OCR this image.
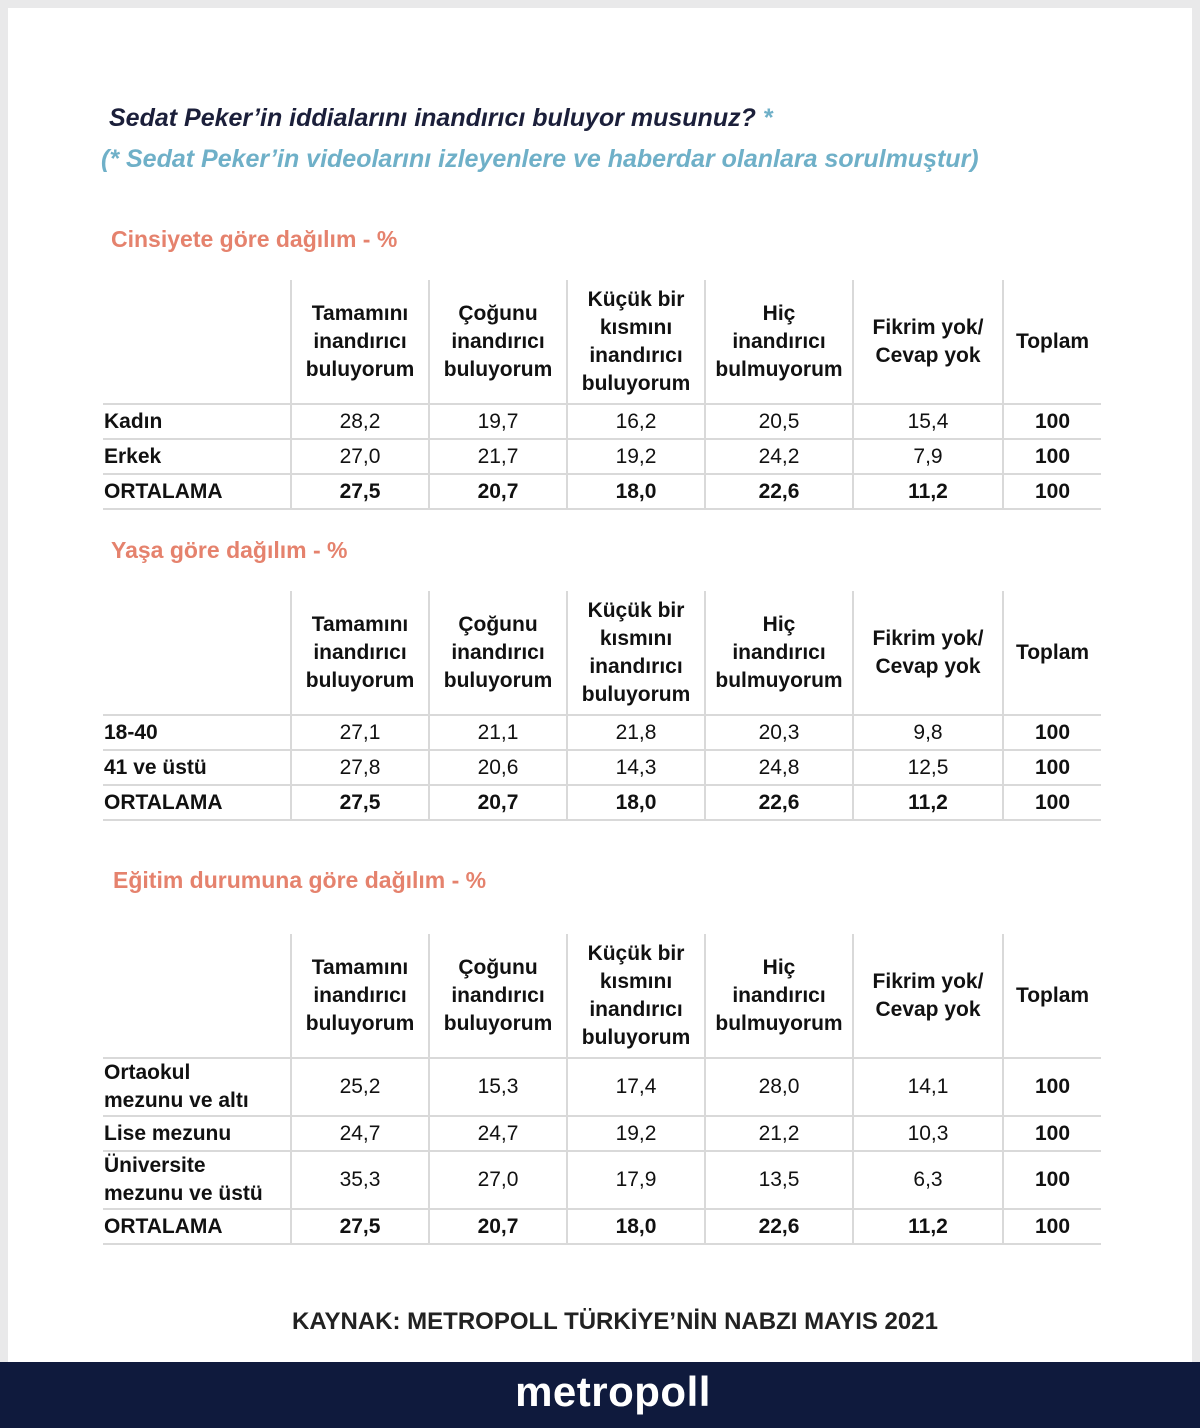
Sedat Peker’in iddialarını inandırıcı buluyor musunuz? *
(* Sedat Peker’in videolarını izleyenlere ve haberdar olanlara sorulmuştur)
Cinsiyete göre dağılım - %
	Tamamını
inandırıcı
buluyorum	Çoğunu
inandırıcı
buluyorum	Küçük bir
kısmını
inandırıcı
buluyorum	Hiç
inandırıcı
bulmuyorum	Fikrim yok/
Cevap yok	Toplam
Kadın	28,2	19,7	16,2	20,5	15,4	100
Erkek	27,0	21,7	19,2	24,2	7,9	100
ORTALAMA	27,5	20,7	18,0	22,6	11,2	100
Yaşa göre dağılım - %
	Tamamını
inandırıcı
buluyorum	Çoğunu
inandırıcı
buluyorum	Küçük bir
kısmını
inandırıcı
buluyorum	Hiç
inandırıcı
bulmuyorum	Fikrim yok/
Cevap yok	Toplam
18-40	27,1	21,1	21,8	20,3	9,8	100
41 ve üstü	27,8	20,6	14,3	24,8	12,5	100
ORTALAMA	27,5	20,7	18,0	22,6	11,2	100
Eğitim durumuna göre dağılım - %
	Tamamını
inandırıcı
buluyorum	Çoğunu
inandırıcı
buluyorum	Küçük bir
kısmını
inandırıcı
buluyorum	Hiç
inandırıcı
bulmuyorum	Fikrim yok/
Cevap yok	Toplam
Ortaokul
mezunu ve altı	25,2	15,3	17,4	28,0	14,1	100
Lise mezunu	24,7	24,7	19,2	21,2	10,3	100
Üniversite
mezunu ve üstü	35,3	27,0	17,9	13,5	6,3	100
ORTALAMA	27,5	20,7	18,0	22,6	11,2	100
KAYNAK: METROPOLL TÜRKİYE’NİN NABZI MAYIS 2021
metropoll
